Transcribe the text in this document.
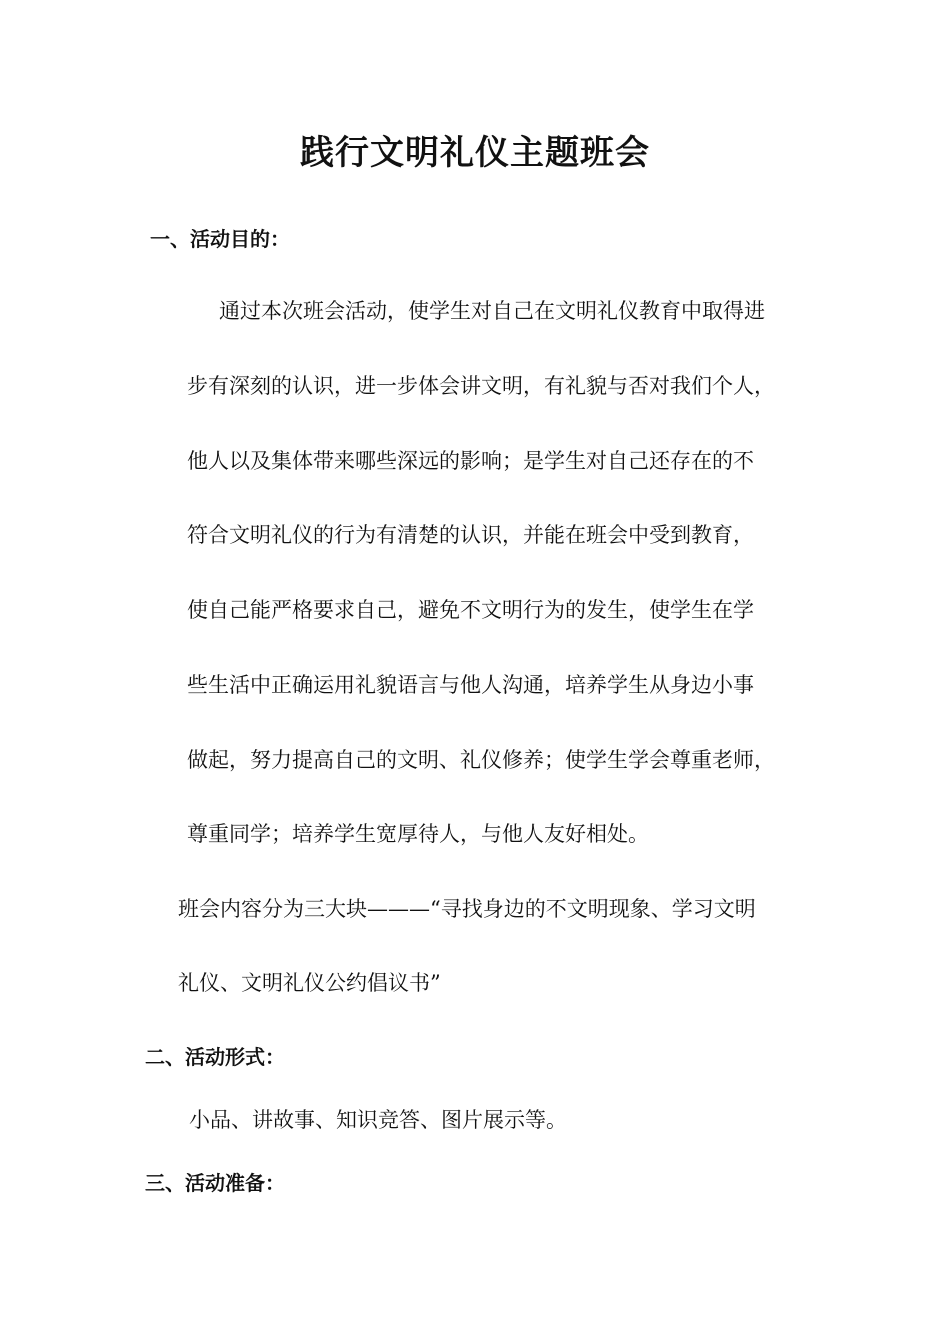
践行文明礼仪主题班会
一、活动目的：

通过本次班会活动，使学生对自己在文明礼仪教育中取得进

步有深刻的认识，进一步体会讲文明，有礼貌与否对我们个人，

他人以及集体带来哪些深远的影响；是学生对自己还存在的不

符合文明礼仪的行为有清楚的认识，并能在班会中受到教育，

使自己能严格要求自己，避免不文明行为的发生，使学生在学

些生活中正确运用礼貌语言与他人沟通，培养学生从身边小事

做起，努力提高自己的文明、礼仪修养；使学生学会尊重老师，

尊重同学；培养学生宽厚待人，与他人友好相处。

班会内容分为三大块———“寻找身边的不文明现象、学习文明

礼仪、文明礼仪公约倡议书”

二、活动形式：

小品、讲故事、知识竞答、图片展示等。

三、活动准备：
